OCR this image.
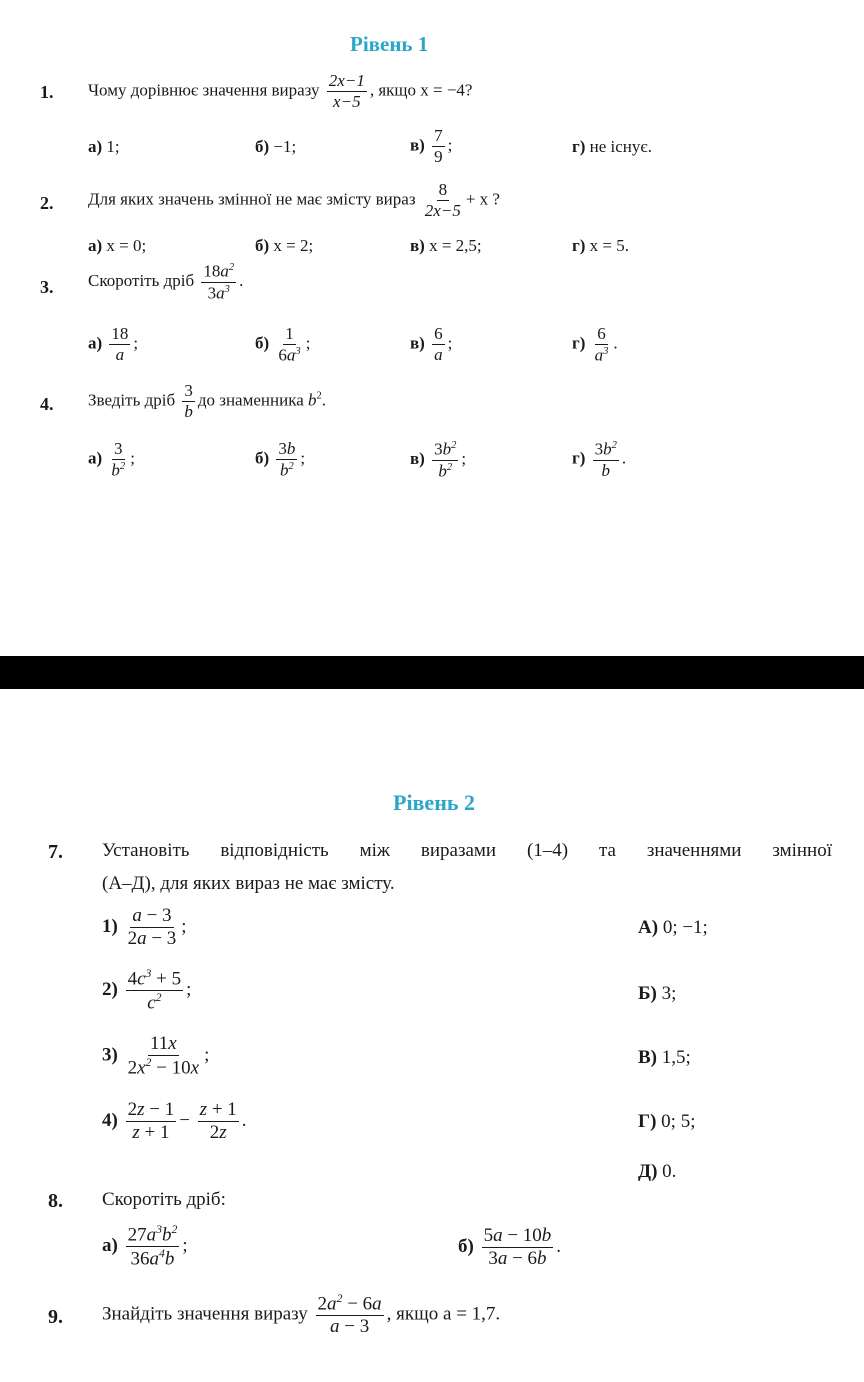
Рівень 1
1. Чому дорівнює значення виразу $\frac{2x-1}{x-5}$ , якщо x = −4?
а) 1;	б) −1;	$в) \frac{7}{9}$ ;	г) не існує.
2. Для яких значень змінної не має змісту вираз $\frac{8}{2x-5} + x$ ?
а) x = 0;	б) x = 2;	в) x = 2,5;	г) x = 5.
3. Скоротіть дріб $\frac{18a^2}{3a^3}$ .
$а) \frac{18}{a}$ ;	$б) \frac{1}{6a^3}$ ;	$в) \frac{6}{a}$ ;	$г) \frac{6}{a^3}$ .
4. Зведіть дріб $\frac{3}{b}$ до знаменника $b^2$.
$а) \frac{3}{b^2}$ ;	$б) \frac{3b}{b^2}$ ;	$в) \frac{3b^2}{b^2}$ ;	$г) \frac{3b^2}{b}$ .
Рівень 2
7. Установіть відповідність між виразами (1–4) та значеннями змінної
(А–Д), для яких вираз не має змісту.
$1) \frac{a - 3}{2a - 3}$ ;
$2) \frac{4c^3 + 5}{c^2}$ ;
$3) \frac{11x}{2x^2 - 10x}$ ;
$4) \frac{2z - 1}{z + 1} - \frac{z + 1}{2z}$ .
А) 0; −1;
Б) 3;
В) 1,5;
Г) 0; 5;
Д) 0.
8. Скоротіть дріб:
$а) \frac{27a^3b^2}{36a^4b}$ ;	$б) \frac{5a - 10b}{3a - 6b}$ .
9. Знайдіть значення виразу $\frac{2a^2 - 6a}{a - 3}$ , якщо a = 1,7.
